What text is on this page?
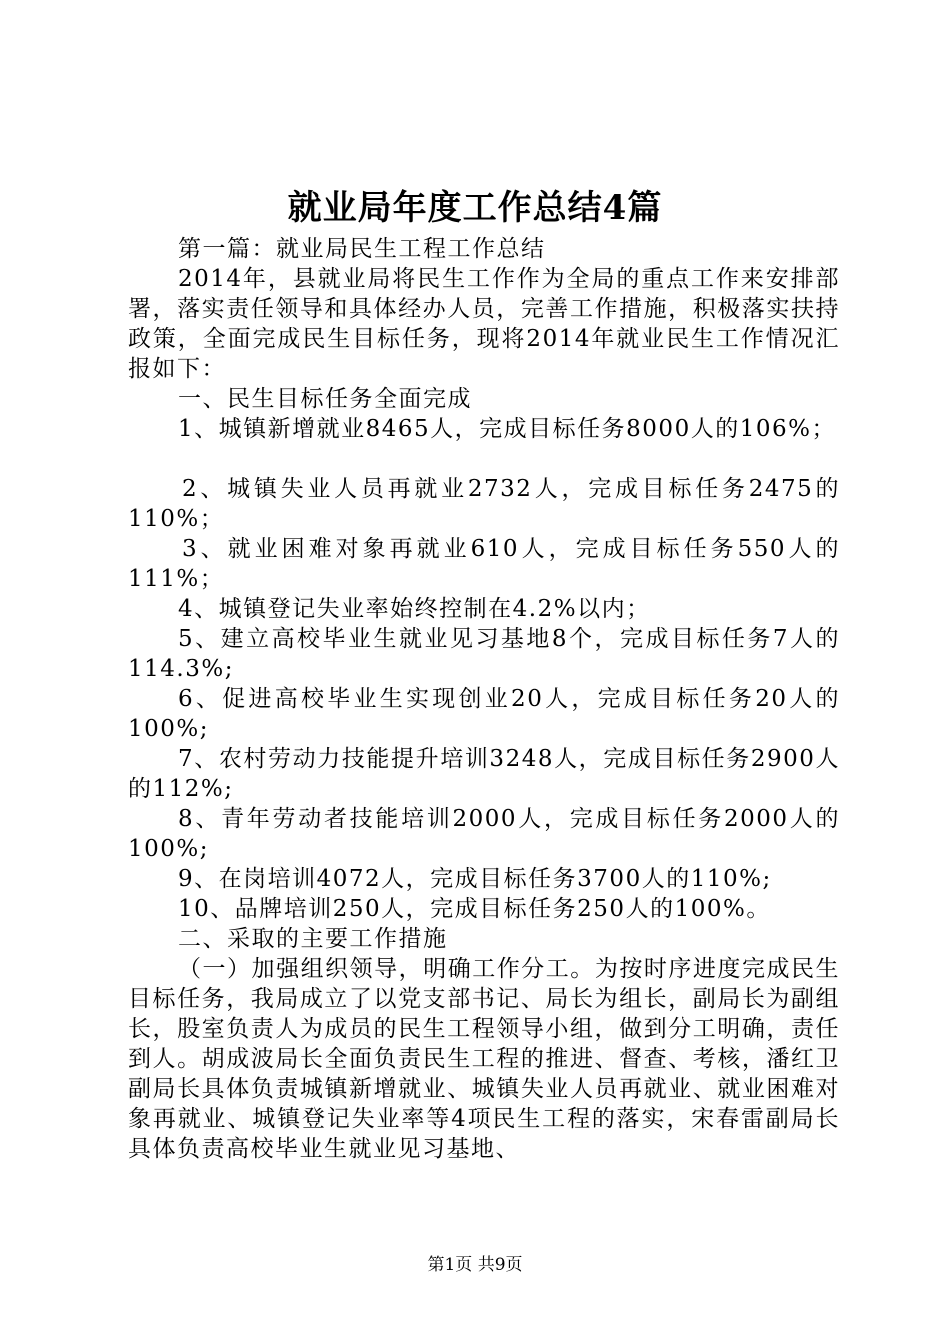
就业局年度工作总结4篇

第一篇：就业局民生工程工作总结

2014年，县就业局将民生工作作为全局的重点工作来安排部署，落实责任领导和具体经办人员，完善工作措施，积极落实扶持政策，全面完成民生目标任务，现将2014年就业民生工作情况汇报如下：

一、民生目标任务全面完成

1、城镇新增就业8465人，完成目标任务8000人的106%；

2、城镇失业人员再就业2732人，完成目标任务2475的110%；

3、就业困难对象再就业610人，完成目标任务550人的111%；

4、城镇登记失业率始终控制在4.2%以内；

5、建立高校毕业生就业见习基地8个，完成目标任务7人的114.3%;

6、促进高校毕业生实现创业20人，完成目标任务20人的100%;

7、农村劳动力技能提升培训3248人，完成目标任务2900人的112%;

8、青年劳动者技能培训2000人，完成目标任务2000人的100%;

9、在岗培训4072人，完成目标任务3700人的110%;

10、品牌培训250人，完成目标任务250人的100%。

二、采取的主要工作措施

（一）加强组织领导，明确工作分工。为按时序进度完成民生目标任务，我局成立了以党支部书记、局长为组长，副局长为副组长，股室负责人为成员的民生工程领导小组，做到分工明确，责任到人。胡成波局长全面负责民生工程的推进、督查、考核，潘红卫副局长具体负责城镇新增就业、城镇失业人员再就业、就业困难对象再就业、城镇登记失业率等4项民生工程的落实，宋春雷副局长具体负责高校毕业生就业见习基地、

第1页 共9页
